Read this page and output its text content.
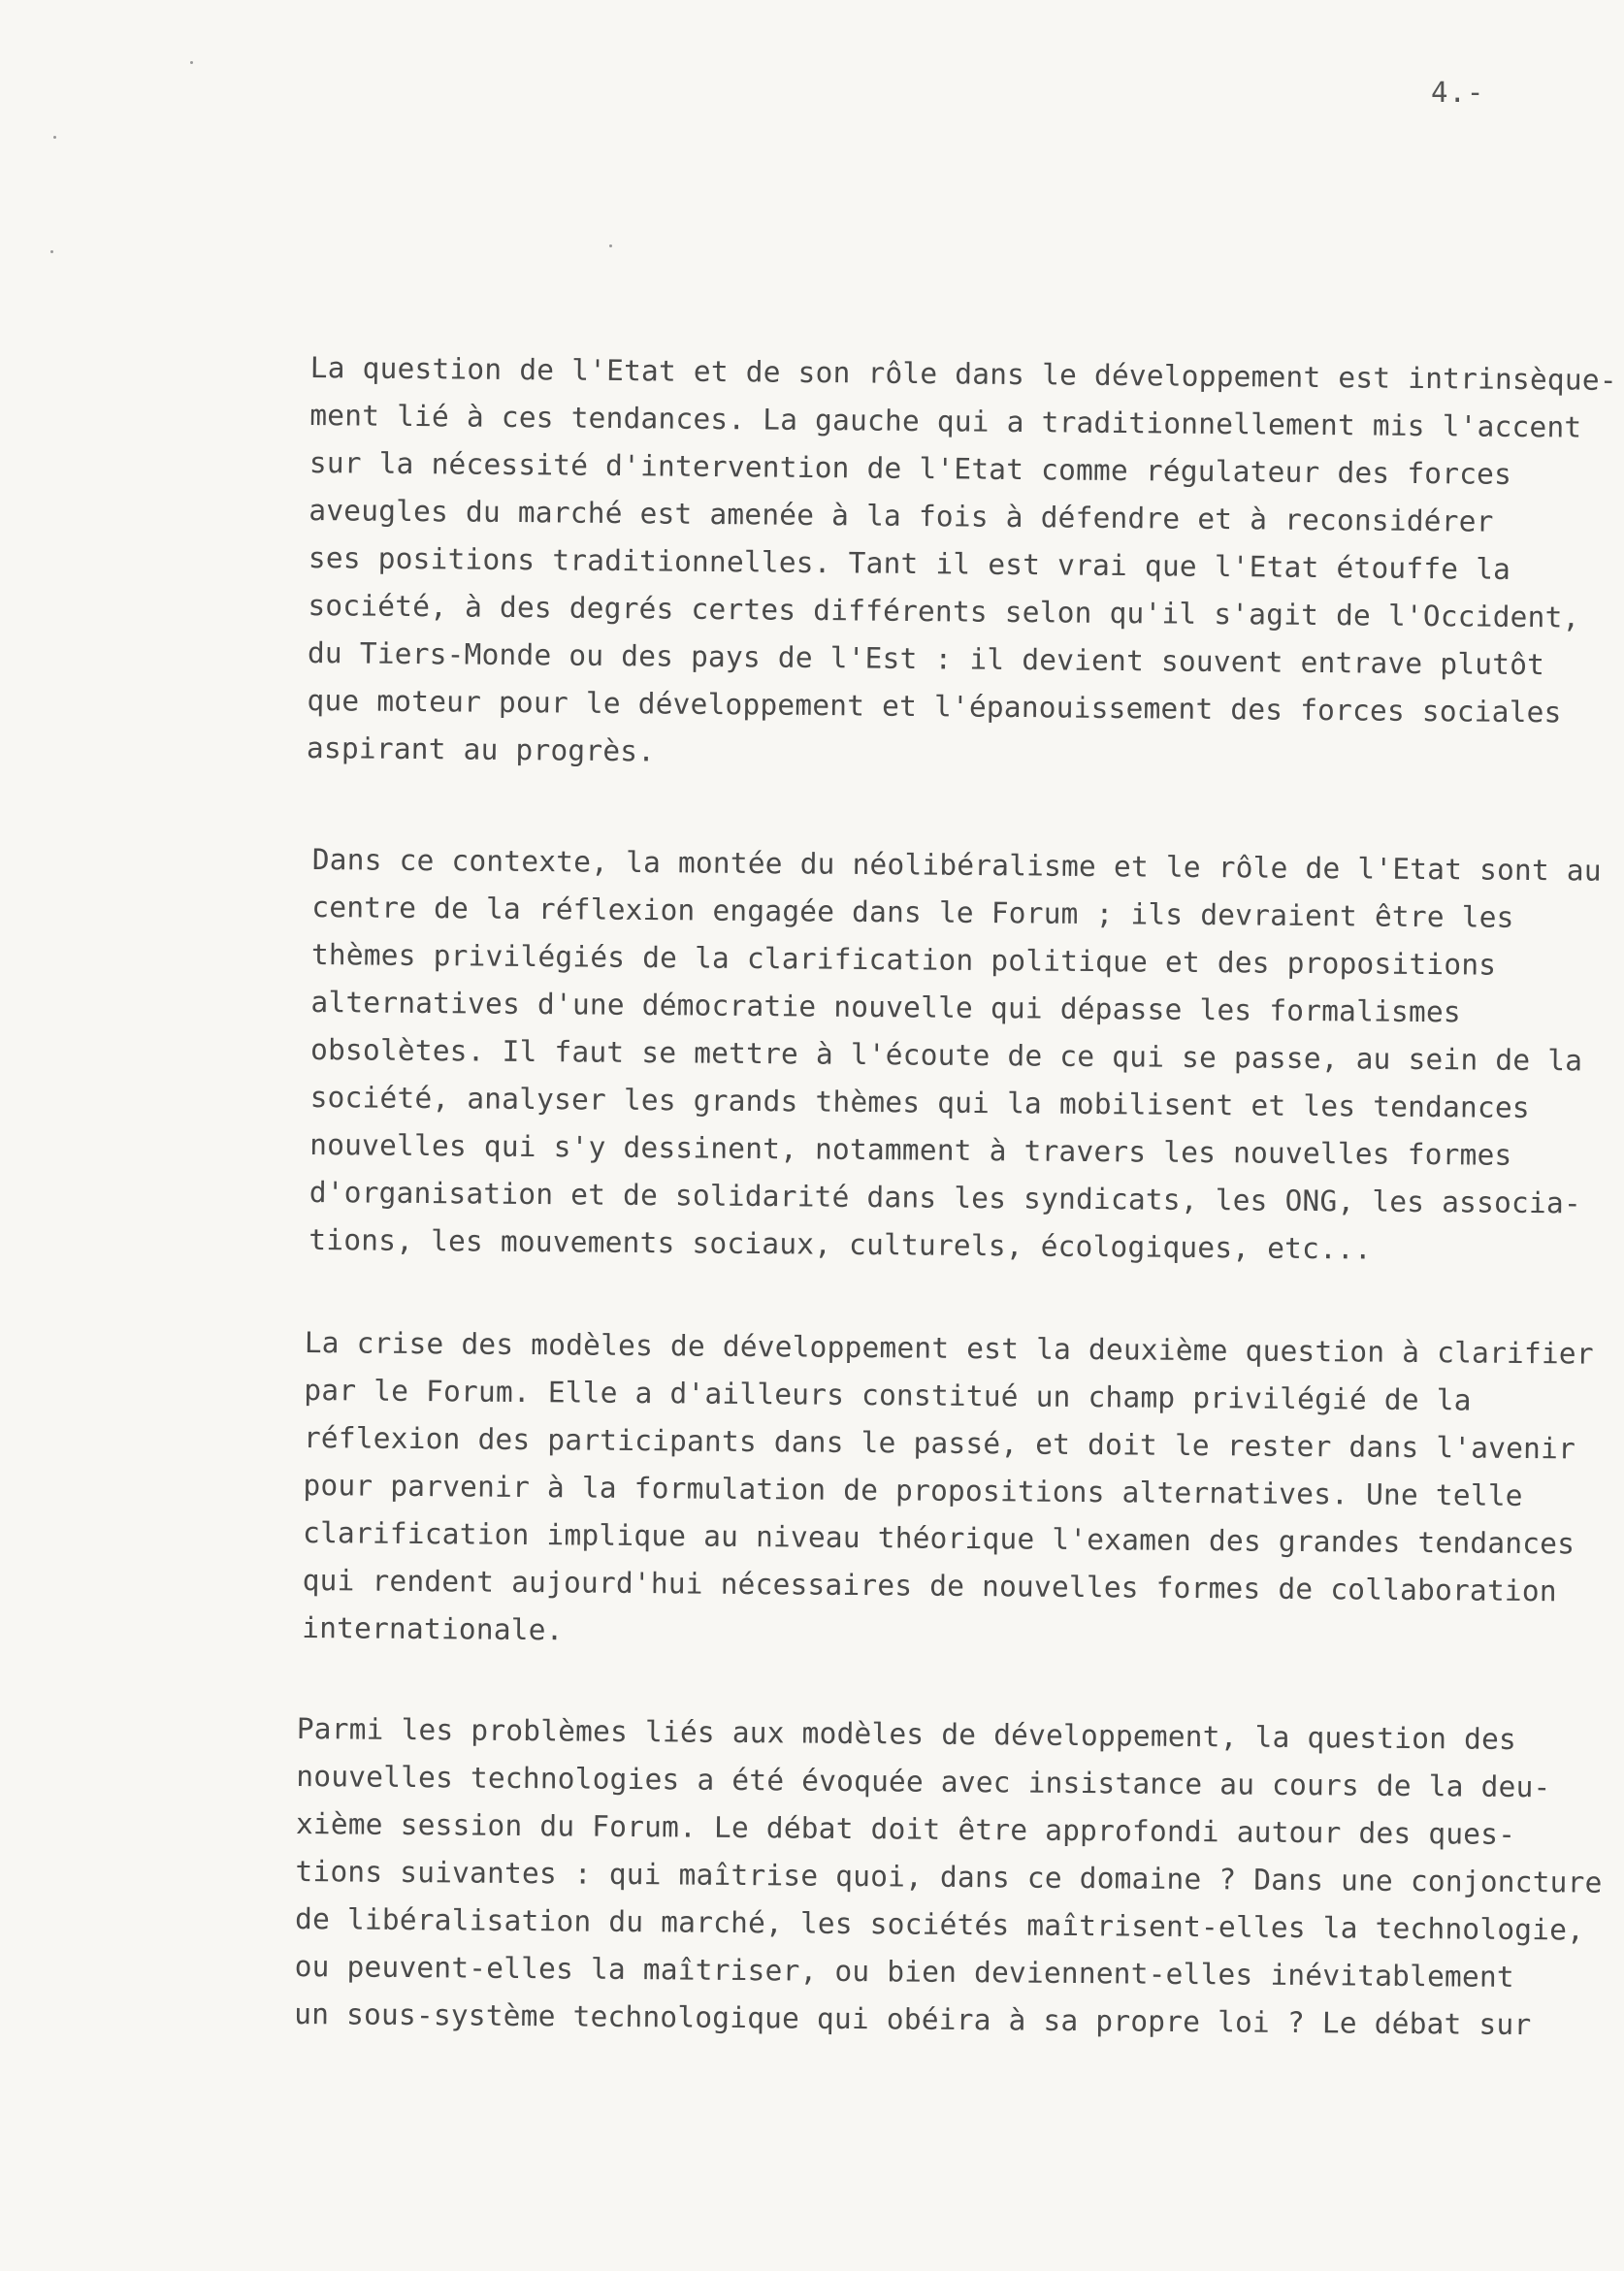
4.-
La question de l'Etat et de son rôle dans le développement est intrinsèque-
ment lié à ces tendances. La gauche qui a traditionnellement mis l'accent
sur la nécessité d'intervention de l'Etat comme régulateur des forces
aveugles du marché est amenée à la fois à défendre et à reconsidérer
ses positions traditionnelles. Tant il est vrai que l'Etat étouffe la
société, à des degrés certes différents selon qu'il s'agit de l'Occident,
du Tiers-Monde ou des pays de l'Est : il devient souvent entrave plutôt
que moteur pour le développement et l'épanouissement des forces sociales
aspirant au progrès.
Dans ce contexte, la montée du néolibéralisme et le rôle de l'Etat sont au
centre de la réflexion engagée dans le Forum ; ils devraient être les
thèmes privilégiés de la clarification politique et des propositions
alternatives d'une démocratie nouvelle qui dépasse les formalismes
obsolètes. Il faut se mettre à l'écoute de ce qui se passe, au sein de la
société, analyser les grands thèmes qui la mobilisent et les tendances
nouvelles qui s'y dessinent, notamment à travers les nouvelles formes
d'organisation et de solidarité dans les syndicats, les ONG, les associa-
tions, les mouvements sociaux, culturels, écologiques, etc...
La crise des modèles de développement est la deuxième question à clarifier
par le Forum. Elle a d'ailleurs constitué un champ privilégié de la
réflexion des participants dans le passé, et doit le rester dans l'avenir
pour parvenir à la formulation de propositions alternatives. Une telle
clarification implique au niveau théorique l'examen des grandes tendances
qui rendent aujourd'hui nécessaires de nouvelles formes de collaboration
internationale.
Parmi les problèmes liés aux modèles de développement, la question des
nouvelles technologies a été évoquée avec insistance au cours de la deu-
xième session du Forum. Le débat doit être approfondi autour des ques-
tions suivantes : qui maîtrise quoi, dans ce domaine ? Dans une conjoncture
de libéralisation du marché, les sociétés maîtrisent-elles la technologie,
ou peuvent-elles la maîtriser, ou bien deviennent-elles inévitablement
un sous-système technologique qui obéira à sa propre loi ? Le débat sur
